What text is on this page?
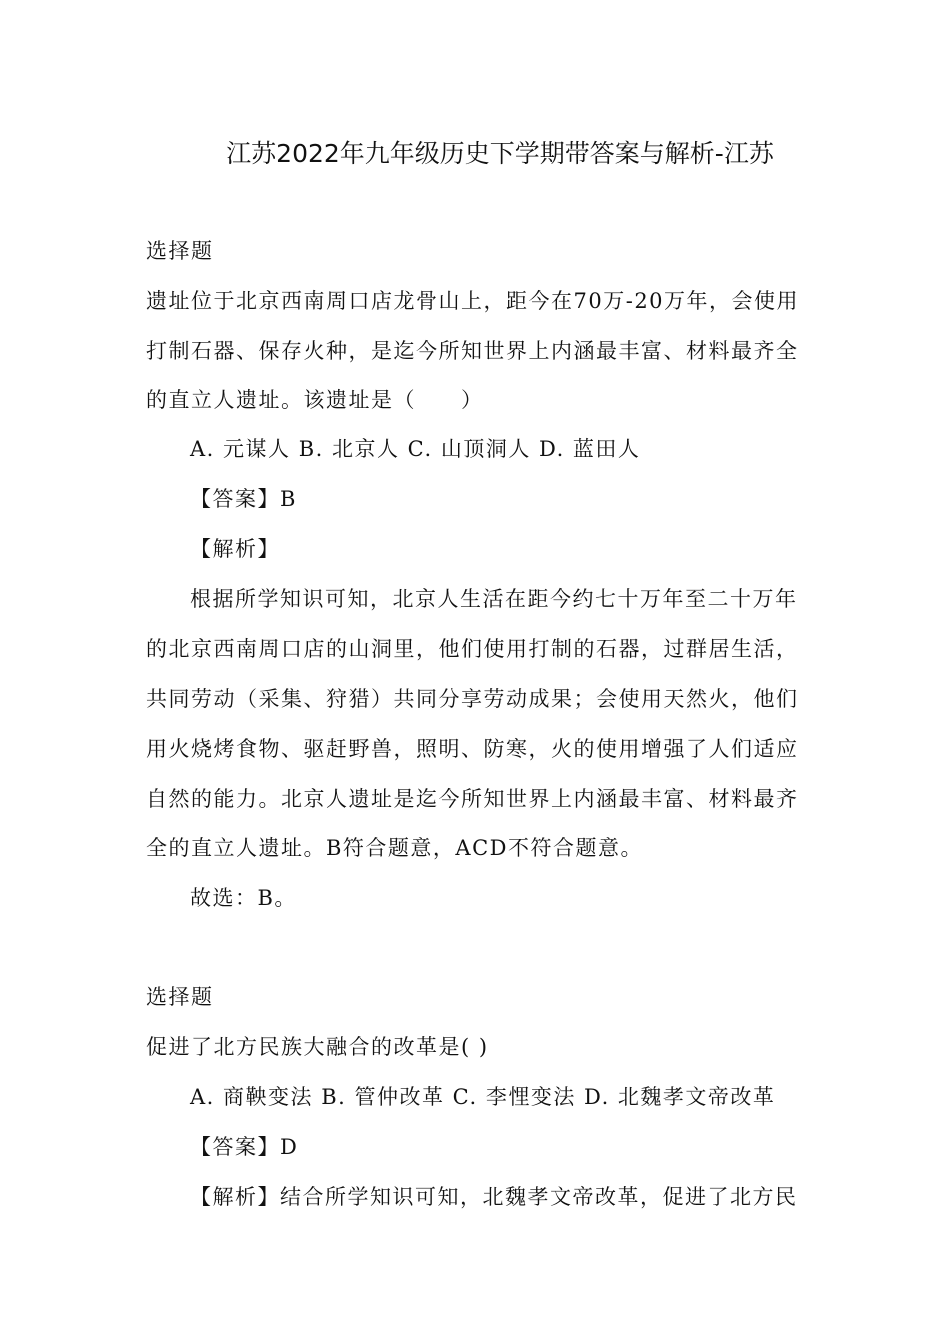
江苏2022年九年级历史下学期带答案与解析-江苏
选择题
遗址位于北京西南周口店龙骨山上，距今在70万-20万年，会使用
打制石器、保存火种，是迄今所知世界上内涵最丰富、材料最齐全
的直立人遗址。该遗址是（　　）
A. 元谋人 B. 北京人 C. 山顶洞人 D. 蓝田人
【答案】B
【解析】
根据所学知识可知，北京人生活在距今约七十万年至二十万年
的北京西南周口店的山洞里，他们使用打制的石器，过群居生活，
共同劳动（采集、狩猎）共同分享劳动成果；会使用天然火，他们
用火烧烤食物、驱赶野兽，照明、防寒，火的使用增强了人们适应
自然的能力。北京人遗址是迄今所知世界上内涵最丰富、材料最齐
全的直立人遗址。B符合题意，ACD不符合题意。
故选：B。
选择题
促进了北方民族大融合的改革是( )
A. 商鞅变法 B. 管仲改革 C. 李悝变法 D. 北魏孝文帝改革
【答案】D
【解析】结合所学知识可知，北魏孝文帝改革，促进了北方民
